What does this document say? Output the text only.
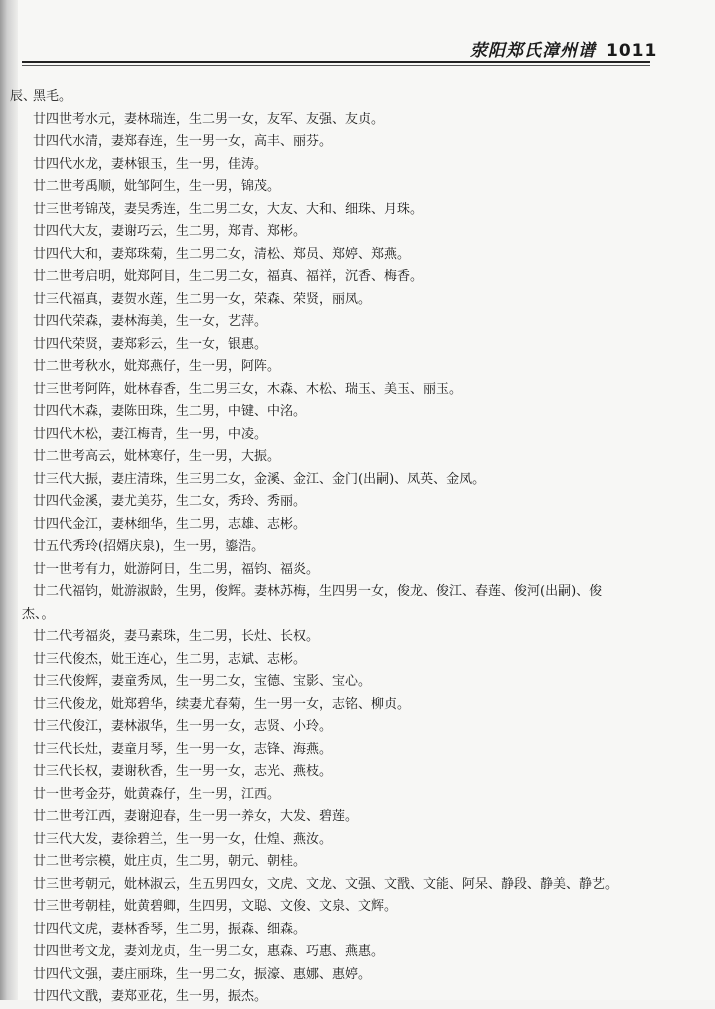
荥阳郑氏漳州谱 1011
辰、
黑毛。
廿四世考水元，妻林瑞连，生二男一女，友军、友强、友贞。
廿四代水清，妻郑春连，生一男一女，高丰、丽芬。
廿四代水龙，妻林银玉，生一男，佳涛。
廿二世考禹顺，妣邹阿生，生一男，锦茂。
廿三世考锦茂，妻吴秀连，生二男二女，大友、大和、细珠、月珠。
廿四代大友，妻谢巧云，生二男，郑青、郑彬。
廿四代大和，妻郑珠菊，生二男二女，清松、郑员、郑婷、郑燕。
廿二世考启明，妣郑阿目，生二男二女，福真、福祥，沉香、梅香。
廿三代福真，妻贺水莲，生二男一女，荣森、荣贤，丽凤。
廿四代荣森，妻林海美，生一女，艺萍。
廿四代荣贤，妻郑彩云，生一女，银惠。
廿二世考秋水，妣郑燕仔，生一男，阿阵。
廿三世考阿阵，妣林春香，生二男三女，木森、木松、瑞玉、美玉、丽玉。
廿四代木森，妻陈田珠，生二男，中键、中洺。
廿四代木松，妻江梅青，生一男，中凌。
廿二世考高云，妣林寒仔，生一男，大振。
廿三代大振，妻庄清珠，生三男二女，金溪、金江、金门(出嗣)、凤英、金凤。
廿四代金溪，妻尤美芬，生二女，秀玲、秀丽。
廿四代金江，妻林细华，生二男，志雄、志彬。
廿五代秀玲(招婿庆泉)，生一男，鎏浩。
廿一世考有力，妣游阿日，生二男，福钧、福炎。
廿二代福钧，妣游淑龄，生男，俊辉。妻林苏梅，生四男一女，俊龙、俊江、春莲、俊河(出嗣)、俊
杰、。
廿二代考福炎，妻马素珠，生二男，长灶、长权。
廿三代俊杰，妣王连心，生二男，志斌、志彬。
廿三代俊辉，妻童秀凤，生一男二女，宝德、宝影、宝心。
廿三代俊龙，妣郑碧华，续妻尤春菊，生一男一女，志铭、柳贞。
廿三代俊江，妻林淑华，生一男一女，志贤、小玲。
廿三代长灶，妻童月琴，生一男一女，志锋、海燕。
廿三代长权，妻谢秋香，生一男一女，志光、燕枝。
廿一世考金芬，妣黄森仔，生一男，江西。
廿二世考江西，妻谢迎春，生一男一养女，大发、碧莲。
廿三代大发，妻徐碧兰，生一男一女，仕煌、燕汝。
廿二世考宗模，妣庄贞，生二男，朝元、朝桂。
廿三世考朝元，妣林淑云，生五男四女，文虎、文龙、文强、文戬、文能、阿呆、静段、静美、静艺。
廿三世考朝桂，妣黄碧卿，生四男，文聪、文俊、文泉、文辉。
廿四代文虎，妻林香琴，生二男，振森、细森。
廿四世考文龙，妻刘龙贞，生一男二女，惠森、巧惠、燕惠。
廿四代文强，妻庄丽珠，生一男二女，振濠、惠娜、惠婷。
廿四代文戬，妻郑亚花，生一男，振杰。
